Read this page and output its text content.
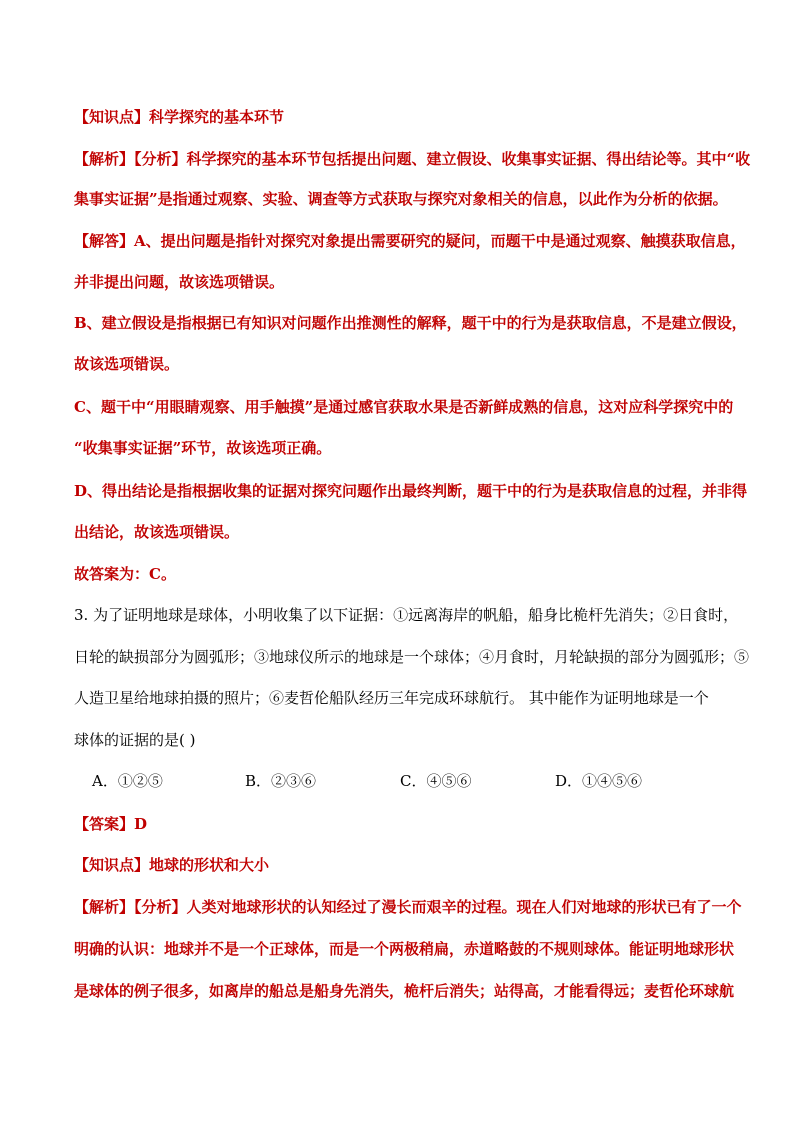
【知识点】科学探究的基本环节
【解析】【分析】科学探究的基本环节包括提出问题、建立假设、收集事实证据、得出结论等。其中“收
集事实证据”是指通过观察、实验、调查等方式获取与探究对象相关的信息，以此作为分析的依据。
【解答】A、提出问题是指针对探究对象提出需要研究的疑问，而题干中是通过观察、触摸获取信息，
并非提出问题，故该选项错误。
B、建立假设是指根据已有知识对问题作出推测性的解释，题干中的行为是获取信息，不是建立假设，
故该选项错误。
C、题干中“用眼睛观察、用手触摸”是通过感官获取水果是否新鲜成熟的信息，这对应科学探究中的
“收集事实证据”环节，故该选项正确。
D、得出结论是指根据收集的证据对探究问题作出最终判断，题干中的行为是获取信息的过程，并非得
出结论，故该选项错误。
故答案为：C。
3. 为了证明地球是球体，小明收集了以下证据：①远离海岸的帆船，船身比桅杆先消失；②日食时，
日轮的缺损部分为圆弧形；③地球仪所示的地球是一个球体；④月食时，月轮缺损的部分为圆弧形；⑤
人造卫星给地球拍摄的照片；⑥麦哲伦船队经历三年完成环球航行。 其中能作为证明地球是一个
球体的证据的是( )
A．①②⑤	B．②③⑥	C．④⑤⑥	D．①④⑤⑥
【答案】D
【知识点】地球的形状和大小
【解析】【分析】人类对地球形状的认知经过了漫长而艰辛的过程。现在人们对地球的形状已有了一个
明确的认识：地球并不是一个正球体，而是一个两极稍扁，赤道略鼓的不规则球体。能证明地球形状
是球体的例子很多，如离岸的船总是船身先消失，桅杆后消失；站得高，才能看得远；麦哲伦环球航
